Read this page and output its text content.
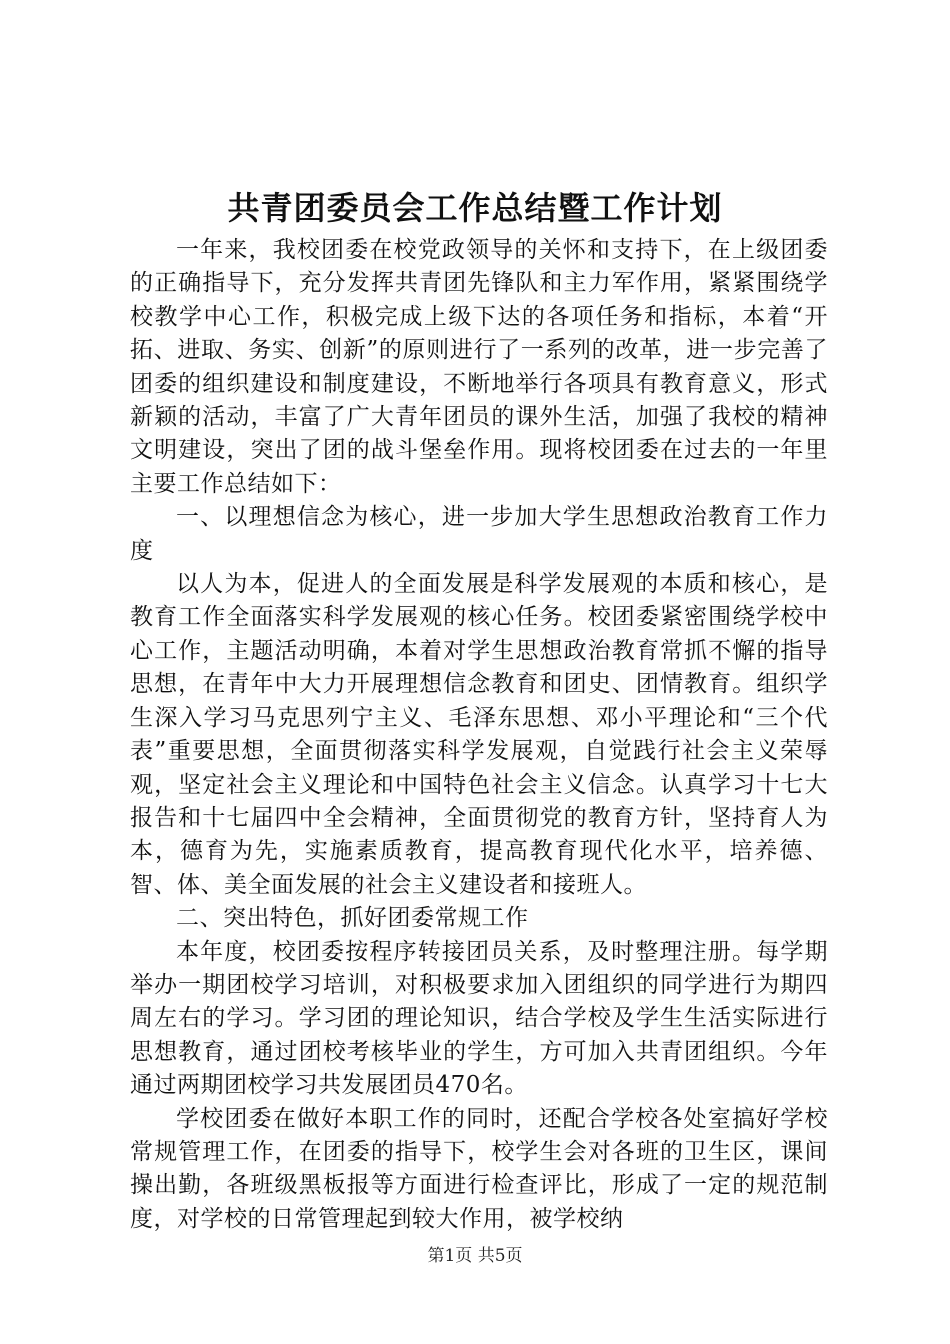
共青团委员会工作总结暨工作计划

一年来，我校团委在校党政领导的关怀和支持下，在上级团委的正确指导下，充分发挥共青团先锋队和主力军作用，紧紧围绕学校教学中心工作，积极完成上级下达的各项任务和指标，本着“开拓、进取、务实、创新”的原则进行了一系列的改革，进一步完善了团委的组织建设和制度建设，不断地举行各项具有教育意义，形式新颖的活动，丰富了广大青年团员的课外生活，加强了我校的精神文明建设，突出了团的战斗堡垒作用。现将校团委在过去的一年里主要工作总结如下：

一、以理想信念为核心，进一步加大学生思想政治教育工作力度

以人为本，促进人的全面发展是科学发展观的本质和核心，是教育工作全面落实科学发展观的核心任务。校团委紧密围绕学校中心工作，主题活动明确，本着对学生思想政治教育常抓不懈的指导思想，在青年中大力开展理想信念教育和团史、团情教育。组织学生深入学习马克思列宁主义、毛泽东思想、邓小平理论和“三个代表”重要思想，全面贯彻落实科学发展观，自觉践行社会主义荣辱观，坚定社会主义理论和中国特色社会主义信念。认真学习十七大报告和十七届四中全会精神，全面贯彻党的教育方针，坚持育人为本，德育为先，实施素质教育，提高教育现代化水平，培养德、智、体、美全面发展的社会主义建设者和接班人。

二、突出特色，抓好团委常规工作

本年度，校团委按程序转接团员关系，及时整理注册。每学期举办一期团校学习培训，对积极要求加入团组织的同学进行为期四周左右的学习。学习团的理论知识，结合学校及学生生活实际进行思想教育，通过团校考核毕业的学生，方可加入共青团组织。今年通过两期团校学习共发展团员470名。

学校团委在做好本职工作的同时，还配合学校各处室搞好学校常规管理工作，在团委的指导下，校学生会对各班的卫生区，课间操出勤，各班级黑板报等方面进行检查评比，形成了一定的规范制度，对学校的日常管理起到较大作用，被学校纳

第1页 共5页
